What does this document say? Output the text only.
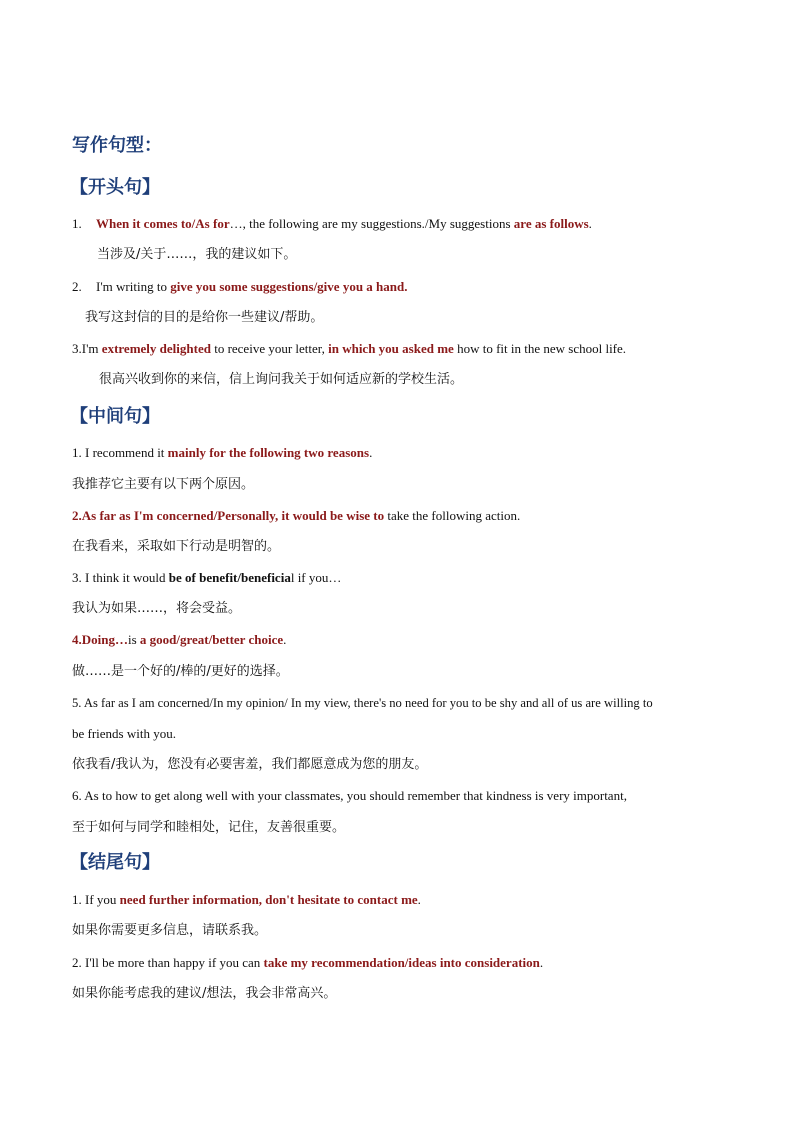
写作句型：
【开头句】
1. When it comes to/As for…, the following are my suggestions./My suggestions are as follows.
当涉及/关于……，我的建议如下。
2. I'm writing to give you some suggestions/give you a hand.
我写这封信的目的是给你一些建议/帮助。
3.I'm extremely delighted to receive your letter, in which you asked me how to fit in the new school life.
很高兴收到你的来信，信上询问我关于如何适应新的学校生活。
【中间句】
1. I recommend it mainly for the following two reasons.
我推荐它主要有以下两个原因。
2.As far as I'm concerned/Personally, it would be wise to take the following action.
在我看来，采取如下行动是明智的。
3. I think it would be of benefit/beneficial if you…
我认为如果……，将会受益。
4.Doing…is a good/great/better choice.
做……是一个好的/棒的/更好的选择。
5. As far as I am concerned/In my opinion/ In my view, there's no need for you to be shy and all of us are willing to
be friends with you.
依我看/我认为，您没有必要害羞，我们都愿意成为您的朋友。
6. As to how to get along well with your classmates, you should remember that kindness is very important,
至于如何与同学和睦相处，记住，友善很重要。
【结尾句】
1. If you need further information, don't hesitate to contact me.
如果你需要更多信息，请联系我。
2. I'll be more than happy if you can take my recommendation/ideas into consideration.
如果你能考虑我的建议/想法，我会非常高兴。
